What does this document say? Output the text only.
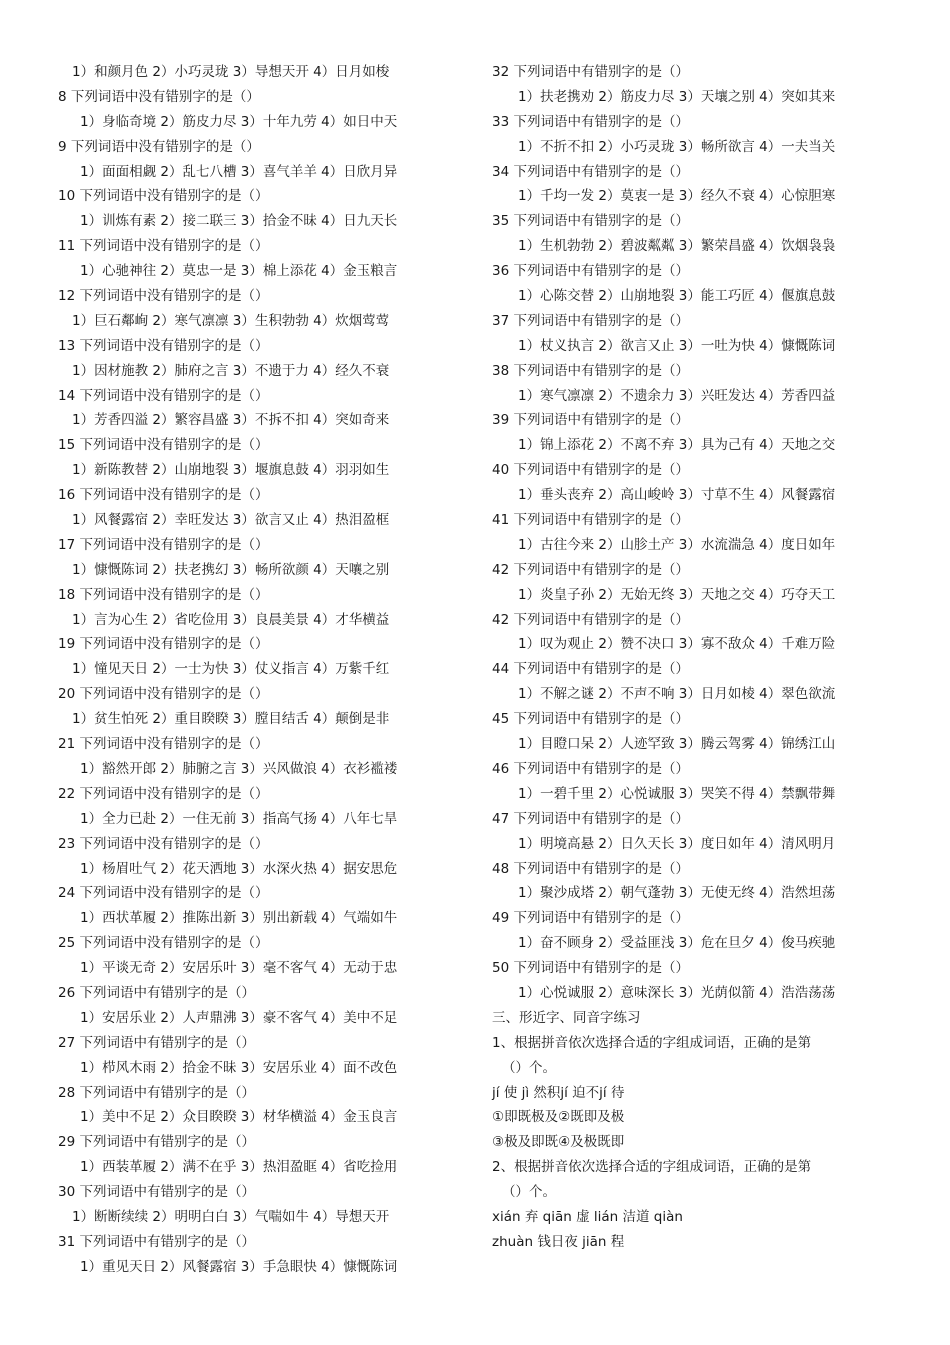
1）和颜月色 2）小巧灵珑 3）导想天开 4）日月如梭
8 下列词语中没有错别字的是（）
1）身临奇境 2）筋皮力尽 3）十年九劳 4）如日中天
9 下列词语中没有错别字的是（）
1）面面相觑 2）乱七八槽 3）喜气羊羊 4）日欣月异
10 下列词语中没有错别字的是（）
1）训炼有素 2）接二联三 3）拾金不昧 4）日九天长
11 下列词语中没有错别字的是（）
1）心驰神往 2）莫忠一是 3）棉上添花 4）金玉粮言
12 下列词语中没有错别字的是（）
1）巨石鄰峋 2）寒气凛凛 3）生积勃勃 4）炊烟莺莺
13 下列词语中没有错别字的是（）
1）因材施教 2）肺府之言 3）不遗于力 4）经久不衰
14 下列词语中没有错别字的是（）
1）芳香四溢 2）繁容昌盛 3）不拆不扣 4）突如奇来
15 下列词语中没有错别字的是（）
1）新陈教替 2）山崩地裂 3）堰旗息鼓 4）羽羽如生
16 下列词语中没有错别字的是（）
1）风餐露宿 2）幸旺发达 3）欲言又止 4）热泪盈框
17 下列词语中没有错别字的是（）
1）慷慨陈词 2）扶老携幻 3）畅所欲颜 4）天嚷之别
18 下列词语中没有错别字的是（）
1）言为心生 2）省吃俭用 3）良晨美景 4）才华横益
19 下列词语中没有错别字的是（）
1）憧见天日 2）一士为快 3）仗义指言 4）万紫千红
20 下列词语中没有错别字的是（）
1）贫生怕死 2）重目睽睽 3）膛目结舌 4）颠倒是非
21 下列词语中没有错别字的是（）
1）豁然开郎 2）肺腑之言 3）兴风做浪 4）衣衫褴褛
22 下列词语中没有错别字的是（）
1）全力已赴 2）一住无前 3）指高气扬 4）八年七旱
23 下列词语中没有错别字的是（）
1）杨眉吐气 2）花天洒地 3）水深火热 4）据安思危
24 下列词语中没有错别字的是（）
1）西状革履 2）推陈出新 3）别出新载 4）气端如牛
25 下列词语中没有错别字的是（）
1）平谈无奇 2）安居乐叶 3）毫不客气 4）无动于忠
26 下列词语中有错别字的是（）
1）安居乐业 2）人声鼎沸 3）豪不客气 4）美中不足
27 下列词语中有错别字的是（）
1）栉风木雨 2）拾金不昧 3）安居乐业 4）面不改色
28 下列词语中有错别字的是（）
1）美中不足 2）众目睽睽 3）材华横溢 4）金玉良言
29 下列词语中有错别字的是（）
1）西装革履 2）满不在乎 3）热泪盈眶 4）省吃捡用
30 下列词语中有错别字的是（）
1）断断续续 2）明明白白 3）气喘如牛 4）导想天开
31 下列词语中有错别字的是（）
1）重见天日 2）风餐露宿 3）手急眼快 4）慷慨陈词
32 下列词语中有错别字的是（）
1）扶老携劝 2）筋皮力尽 3）天壤之别 4）突如其来
33 下列词语中有错别字的是（）
1）不折不扣 2）小巧灵珑 3）畅所欲言 4）一夫当关
34 下列词语中有错别字的是（）
1）千均一发 2）莫衷一是 3）经久不衰 4）心惊胆寒
35 下列词语中有错别字的是（）
1）生机勃勃 2）碧波粼粼 3）繁荣昌盛 4）饮烟袅袅
36 下列词语中有错别字的是（）
1）心陈交替 2）山崩地裂 3）能工巧匠 4）偃旗息鼓
37 下列词语中有错别字的是（）
1）杖义执言 2）欲言又止 3）一吐为快 4）慷慨陈词
38 下列词语中有错别字的是（）
1）寒气凛凛 2）不遗余力 3）兴旺发达 4）芳香四益
39 下列词语中有错别字的是（）
1）锦上添花 2）不离不弃 3）具为己有 4）天地之交
40 下列词语中有错别字的是（）
1）垂头丧弃 2）高山峻岭 3）寸草不生 4）风餐露宿
41 下列词语中有错别字的是（）
1）古往今来 2）山胗土产 3）水流湍急 4）度日如年
42 下列词语中有错别字的是（）
1）炎皇子孙 2）无始无终 3）天地之交 4）巧夺天工
42 下列词语中有错别字的是（）
1）叹为观止 2）赞不决口 3）寡不敌众 4）千难万险
44 下列词语中有错别字的是（）
1）不解之谜 2）不声不响 3）日月如棱 4）翠色欲流
45 下列词语中有错别字的是（）
1）目瞪口呆 2）人迹罕致 3）腾云驾雾 4）锦绣江山
46 下列词语中有错别字的是（）
1）一碧千里 2）心悦诚服 3）哭笑不得 4）禁飘带舞
47 下列词语中有错别字的是（）
1）明境高悬 2）日久天长 3）度日如年 4）清风明月
48 下列词语中有错别字的是（）
1）聚沙成塔 2）朝气蓬勃 3）无使无终 4）浩然坦荡
49 下列词语中有错别字的是（）
1）奋不顾身 2）受益匪浅 3）危在旦夕 4）俊马疾驰
50 下列词语中有错别字的是（）
1）心悦诚服 2）意味深长 3）光荫似箭 4）浩浩荡荡
三、形近字、同音字练习
1、根据拼音依次选择合适的字组成词语，正确的是第
（）个。
jí 使 jì 然积jí 迫不jí 待
①即既极及②既即及极
③极及即既④及极既即
2、根据拼音依次选择合适的字组成词语，正确的是第
（）个。
xián 弃 qiān 虚 lián 洁道 qiàn
zhuàn 钱日夜 jiān 程
